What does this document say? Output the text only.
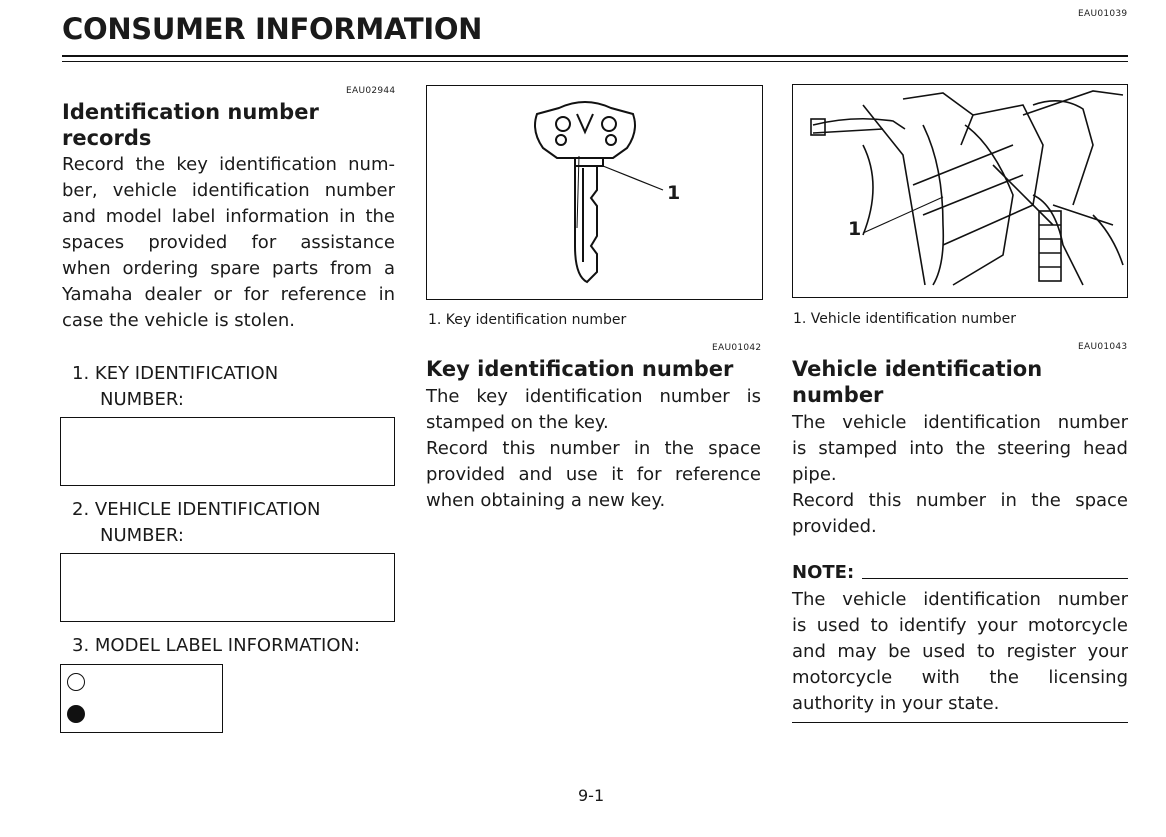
EAU01039
CONSUMER INFORMATION
EAU02944
Identification number
records
Record the key identification num-
ber, vehicle identification number
and model label information in the
spaces provided for assistance
when ordering spare parts from a
Yamaha dealer or for reference in
case the vehicle is stolen.
1. KEY IDENTIFICATION
NUMBER:
2. VEHICLE IDENTIFICATION
NUMBER:
3. MODEL LABEL INFORMATION:
1
1. Key identification number
EAU01042
Key identification number
The key identification number is
stamped on the key.
Record this number in the space
provided and use it for reference
when obtaining a new key.
1
1. Vehicle identification number
EAU01043
Vehicle identification
number
The vehicle identification number
is stamped into the steering head
pipe.
Record this number in the space
provided.
NOTE:
The vehicle identification number
is used to identify your motorcycle
and may be used to register your
motorcycle with the licensing
authority in your state.
9-1
